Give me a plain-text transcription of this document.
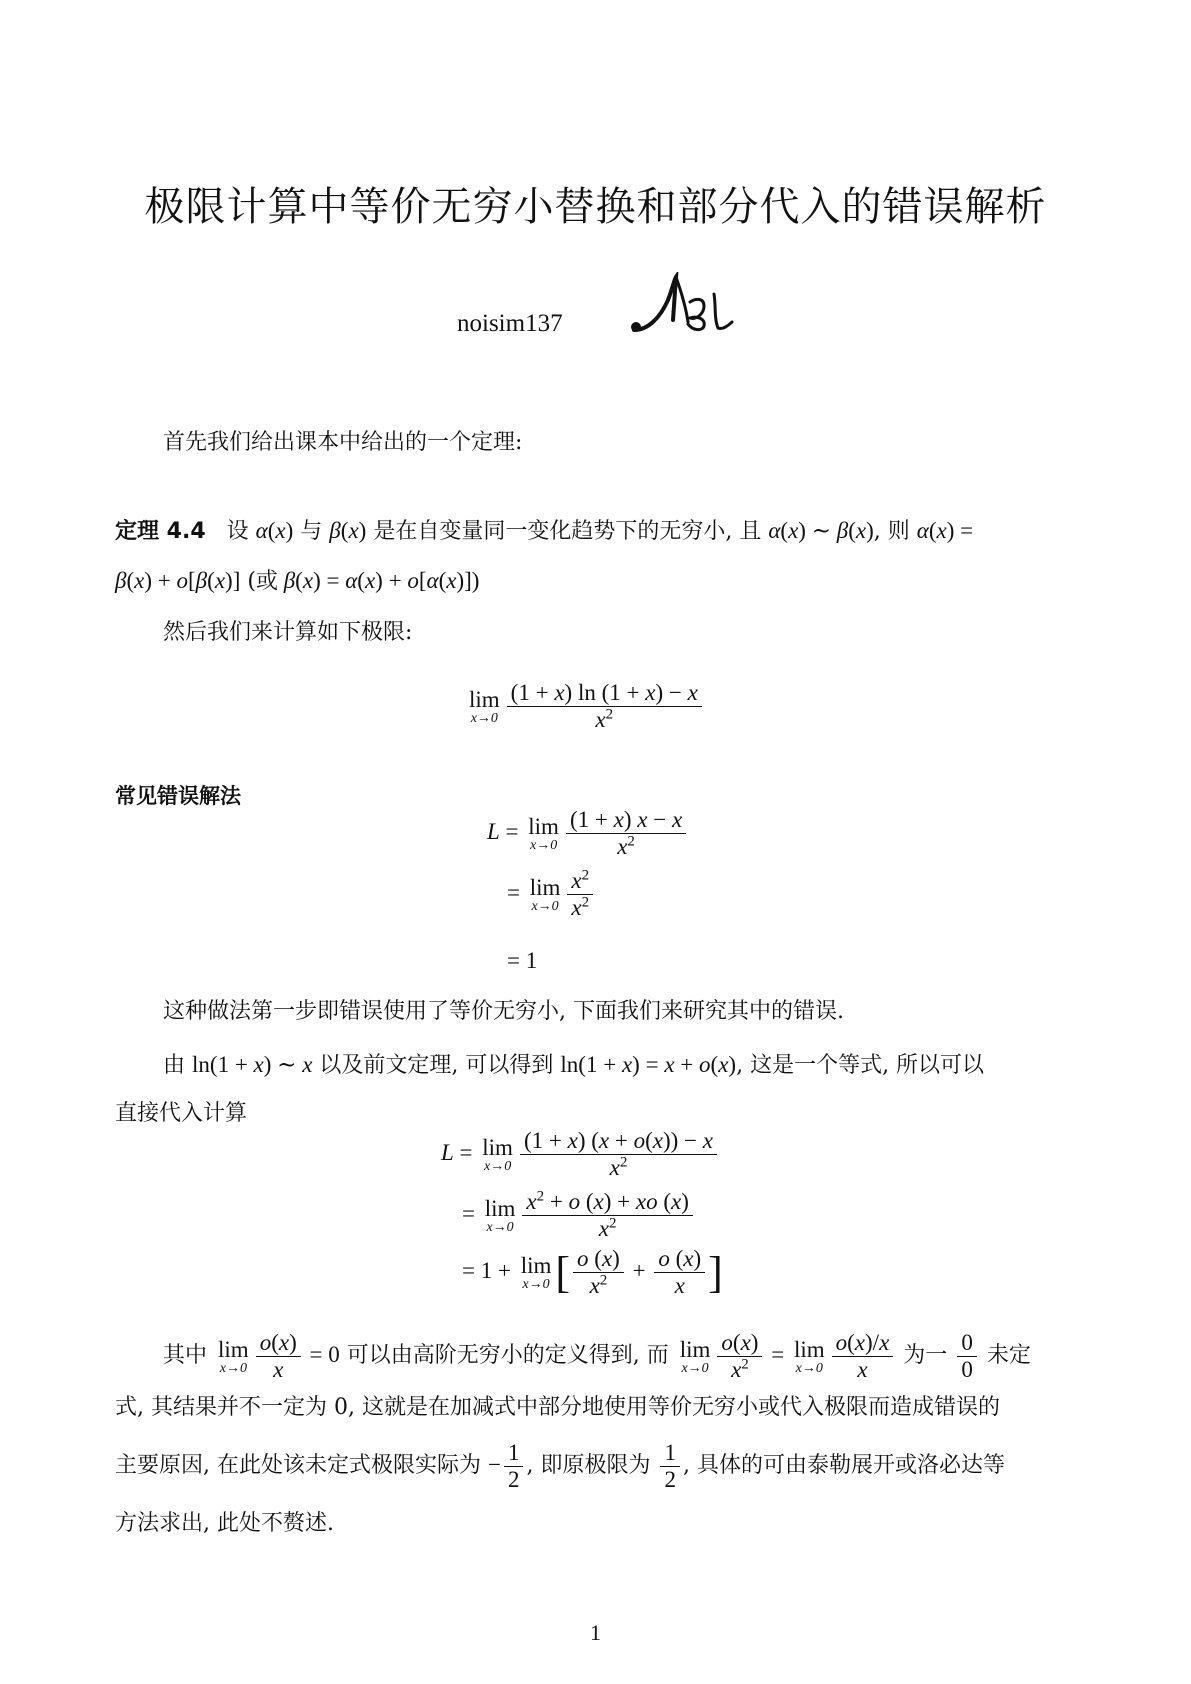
极限计算中等价无穷小替换和部分代入的错误解析
noisim137
首先我们给出课本中给出的一个定理:
定理 4.4 设 α(x) 与 β(x) 是在自变量同一变化趋势下的无穷小, 且 α(x) ∼ β(x), 则 α(x) =
β(x) + o[β(x)] (或 β(x) = α(x) + o[α(x)])
然后我们来计算如下极限:
lim
$x\to 0 \frac{(1 + x) \ln (1 + x) - x}{x^2}$
常见错误解法
L = lim
$x\to 0 \frac{(1 + x) x - x}{x^2}$
= lim
$x\to 0 \frac{x^2}{x^2}$
= 1
这种做法第一步即错误使用了等价无穷小, 下面我们来研究其中的错误.
由 ln(1 + x) ∼ x 以及前文定理, 可以得到 ln(1 + x) = x + o(x), 这是一个等式, 所以可以
直接代入计算
L = lim
$x\to 0 \frac{(1 + x) (x + o(x)) - x}{x^2}$
= lim
$x\to 0 \frac{x^2 + o (x) + xo (x)}{x^2}$
= 1 + lim
x→0 [ $\frac{o (x)}{x^2} + \frac{o (x)}{x}$ ]
其中 lim
$x\to 0 \frac{o(x)}{x} = 0$ 可以由高阶无穷小的定义得到, 而 lim
$x\to 0 \frac{o(x)}{x^2} = \lim$
$x\to 0 \frac{o(x)/x}{x}$ 为一 $\frac{0}{0}$ 未定
式, 其结果并不一定为 0, 这就是在加减式中部分地使用等价无穷小或代入极限而造成错误的
主要原因, 在此处该未定式极限实际为 − $\frac{1}{2}$ , 即原极限为 $\frac{1}{2}$ , 具体的可由泰勒展开或洛必达等
方法求出, 此处不赘述.
1
